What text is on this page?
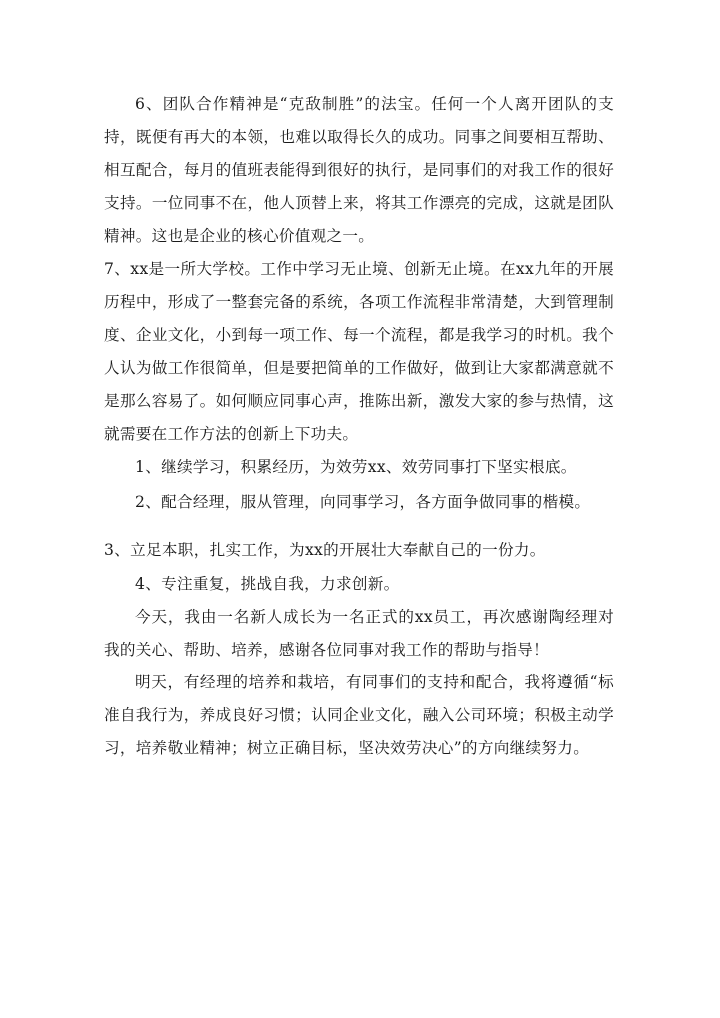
6、团队合作精神是“克敌制胜”的法宝。任何一个人离开团队的支持，既便有再大的本领，也难以取得长久的成功。同事之间要相互帮助、相互配合，每月的值班表能得到很好的执行，是同事们的对我工作的很好支持。一位同事不在，他人顶替上来，将其工作漂亮的完成，这就是团队精神。这也是企业的核心价值观之一。

7、xx是一所大学校。工作中学习无止境、创新无止境。在xx九年的开展历程中，形成了一整套完备的系统，各项工作流程非常清楚，大到管理制度、企业文化，小到每一项工作、每一个流程，都是我学习的时机。我个人认为做工作很简单，但是要把简单的工作做好，做到让大家都满意就不是那么容易了。如何顺应同事心声，推陈出新，激发大家的参与热情，这就需要在工作方法的创新上下功夫。

1、继续学习，积累经历，为效劳xx、效劳同事打下坚实根底。

2、配合经理，服从管理，向同事学习，各方面争做同事的楷模。

3、立足本职，扎实工作，为xx的开展壮大奉献自己的一份力。

4、专注重复，挑战自我，力求创新。

今天，我由一名新人成长为一名正式的xx员工，再次感谢陶经理对我的关心、帮助、培养，感谢各位同事对我工作的帮助与指导！

明天，有经理的培养和栽培，有同事们的支持和配合，我将遵循“标准自我行为，养成良好习惯；认同企业文化，融入公司环境；积极主动学习，培养敬业精神；树立正确目标，坚决效劳决心”的方向继续努力。
